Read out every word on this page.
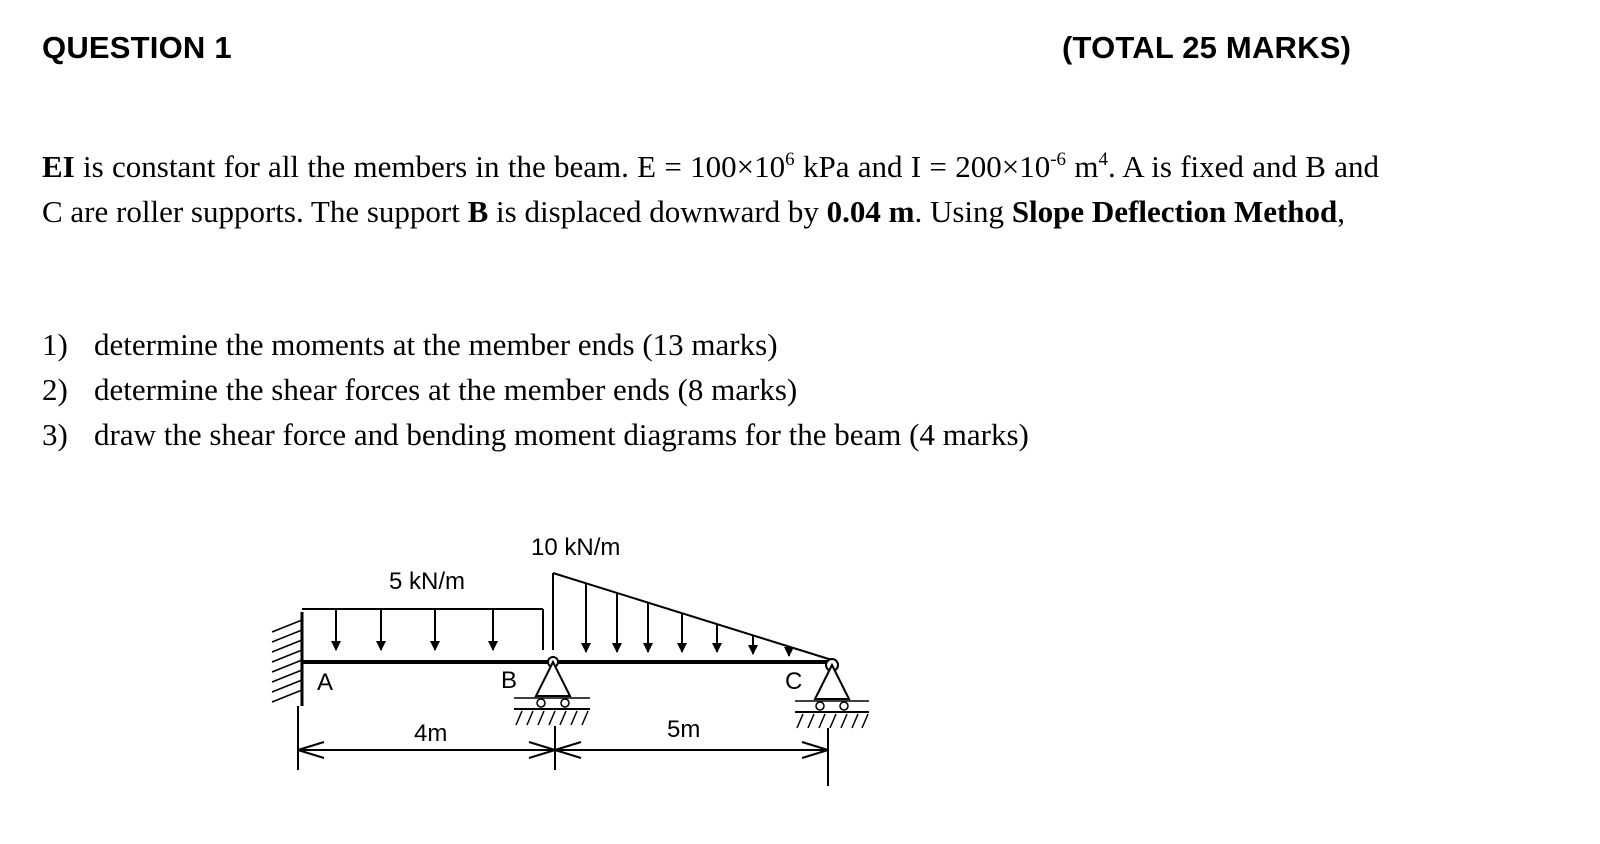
QUESTION 1	(TOTAL 25 MARKS)
EI is constant for all the members in the beam. $E = 100\times 10^6$ kPa and $I = 200\times 10^{-6}$ $m^4$. A is fixed and B and C are roller supports. The support B is displaced downward by 0.04 m. Using Slope Deflection Method,
1) determine the moments at the member ends (13 marks)
2) determine the shear forces at the member ends (8 marks)
3) draw the shear force and bending moment diagrams for the beam (4 marks)
5 kN/m
10 kN/m
A	B	C
4m	5m
